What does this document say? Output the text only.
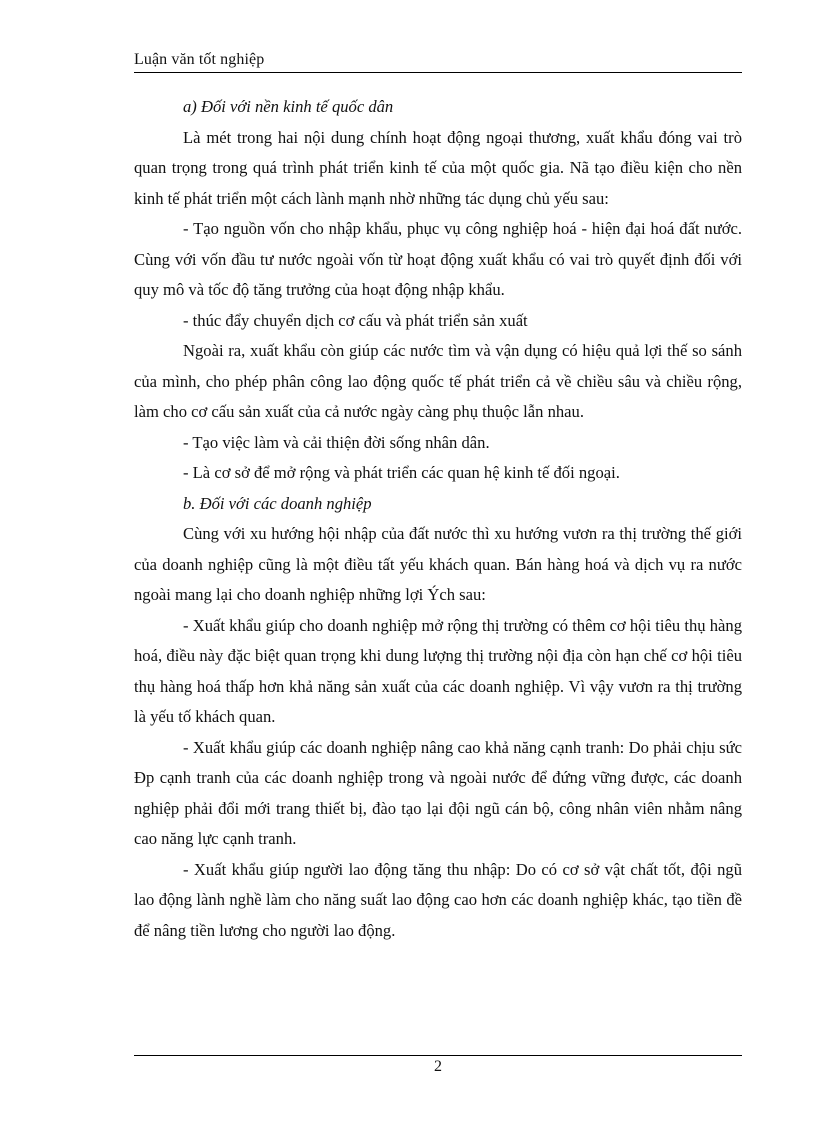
Luận văn tốt nghiệp

a) Đối với nền kinh tế quốc dân

Là mét trong hai nội dung chính hoạt động ngoại thương, xuất khẩu đóng vai trò quan trọng trong quá trình phát triển kinh tế của một quốc gia. Nã tạo điều kiện cho nền kinh tế phát triển một cách lành mạnh nhờ những tác dụng chủ yếu sau:

- Tạo nguồn vốn cho nhập khẩu, phục vụ công nghiệp hoá - hiện đại hoá đất nước. Cùng với vốn đầu tư nước ngoài vốn từ hoạt động xuất khẩu có vai trò quyết định đối với quy mô và tốc độ tăng trưởng của hoạt động nhập khẩu.

- thúc đẩy chuyển dịch cơ cấu và phát triển sản xuất

Ngoài ra, xuất khẩu còn giúp các nước tìm và vận dụng có hiệu quả lợi thế so sánh của mình, cho phép phân công lao động quốc tế phát triển cả về chiều sâu và chiều rộng, làm cho cơ cấu sản xuất của cả nước ngày càng phụ thuộc lẫn nhau.

- Tạo việc làm và cải thiện đời sống nhân dân.

- Là cơ sở để mở rộng và phát triển các quan hệ kinh tế đối ngoại.

b. Đối với các doanh nghiệp

Cùng với xu hướng hội nhập của đất nước thì xu hướng vươn ra thị trường thế giới của doanh nghiệp cũng là một điều tất yếu khách quan. Bán hàng hoá và dịch vụ ra nước ngoài mang lại cho doanh nghiệp những lợi Ých sau:

- Xuất khẩu giúp cho doanh nghiệp mở rộng thị trường có thêm cơ hội tiêu thụ hàng hoá, điều này đặc biệt quan trọng khi dung lượng thị trường nội địa còn hạn chế cơ hội tiêu thụ hàng hoá thấp hơn khả năng sản xuất của các doanh nghiệp. Vì vậy vươn ra thị trường là yếu tố khách quan.

- Xuất khẩu giúp các doanh nghiệp nâng cao khả năng cạnh tranh: Do phải chịu sức Ðp cạnh tranh của các doanh nghiệp trong và ngoài nước để đứng vững được, các doanh nghiệp phải đổi mới trang thiết bị, đào tạo lại đội ngũ cán bộ, công nhân viên nhằm nâng cao năng lực cạnh tranh.

- Xuất khẩu giúp người lao động tăng thu nhập: Do có cơ sở vật chất tốt, đội ngũ lao động lành nghề làm cho năng suất lao động cao hơn các doanh nghiệp khác, tạo tiền đề để nâng tiền lương cho người lao động.

2
